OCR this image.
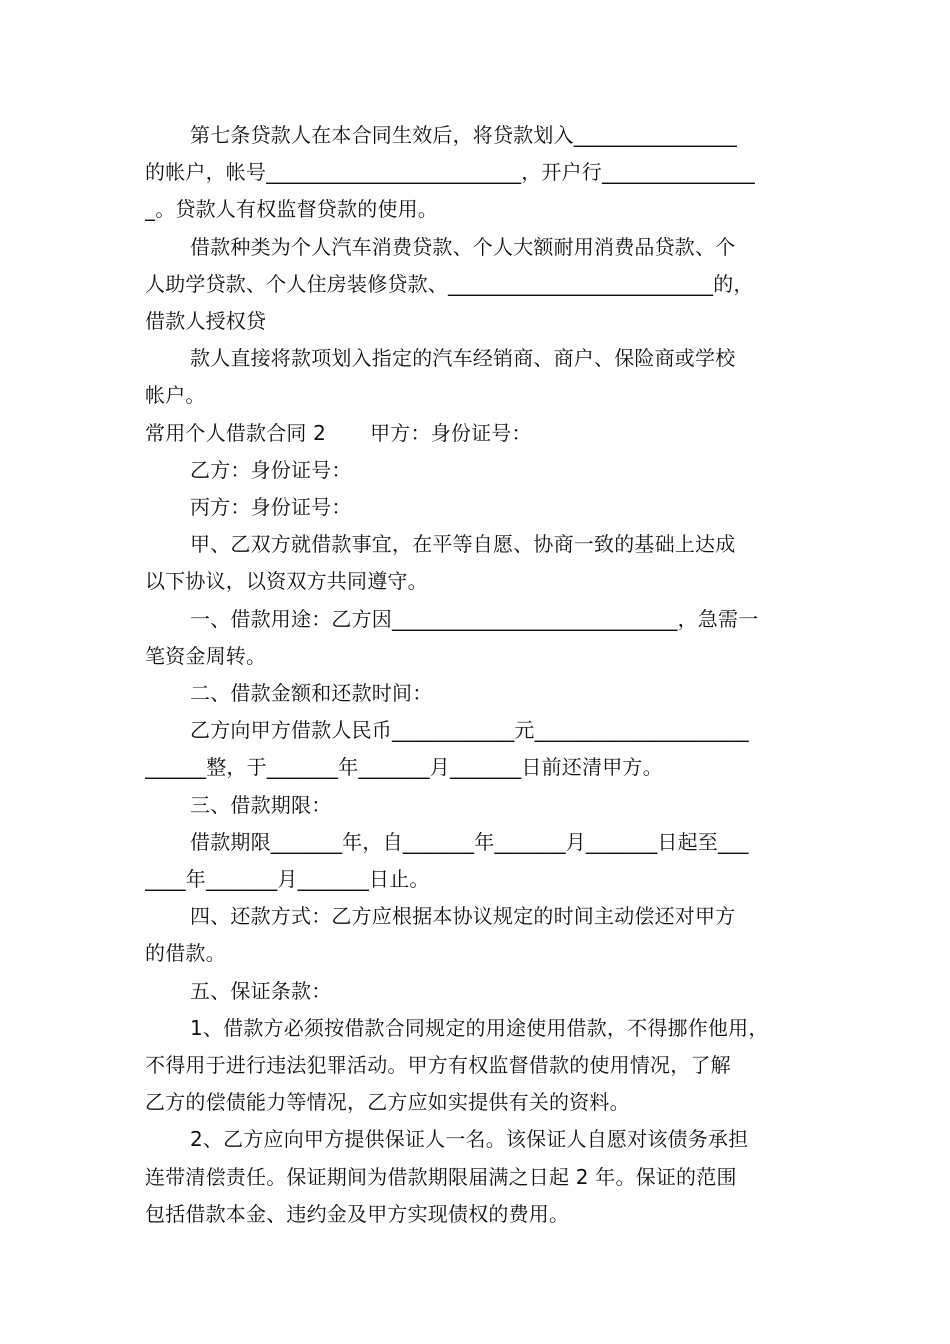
第七条贷款人在本合同生效后，将贷款划入________________

的帐户，帐号_________________________，开户行_______________

_。贷款人有权监督贷款的使用。

借款种类为个人汽车消费贷款、个人大额耐用消费品贷款、个

人助学贷款、个人住房装修贷款、__________________________的，

借款人授权贷

款人直接将款项划入指定的汽车经销商、商户、保险商或学校

帐户。

常用个人借款合同 2 甲方：身份证号：

乙方：身份证号：

丙方：身份证号：

甲、乙双方就借款事宜，在平等自愿、协商一致的基础上达成

以下协议，以资双方共同遵守。

一、借款用途：乙方因____________________________，急需一

笔资金周转。

二、借款金额和还款时间：

乙方向甲方借款人民币____________元_____________________

______整，于_______年_______月_______日前还清甲方。

三、借款期限：

借款期限_______年，自_______年_______月_______日起至___

____年_______月_______日止。

四、还款方式：乙方应根据本协议规定的时间主动偿还对甲方

的借款。

五、保证条款：

1、借款方必须按借款合同规定的用途使用借款，不得挪作他用，

不得用于进行违法犯罪活动。甲方有权监督借款的使用情况，了解

乙方的偿债能力等情况，乙方应如实提供有关的资料。

2、乙方应向甲方提供保证人一名。该保证人自愿对该债务承担

连带清偿责任。保证期间为借款期限届满之日起 2 年。保证的范围

包括借款本金、违约金及甲方实现债权的费用。
